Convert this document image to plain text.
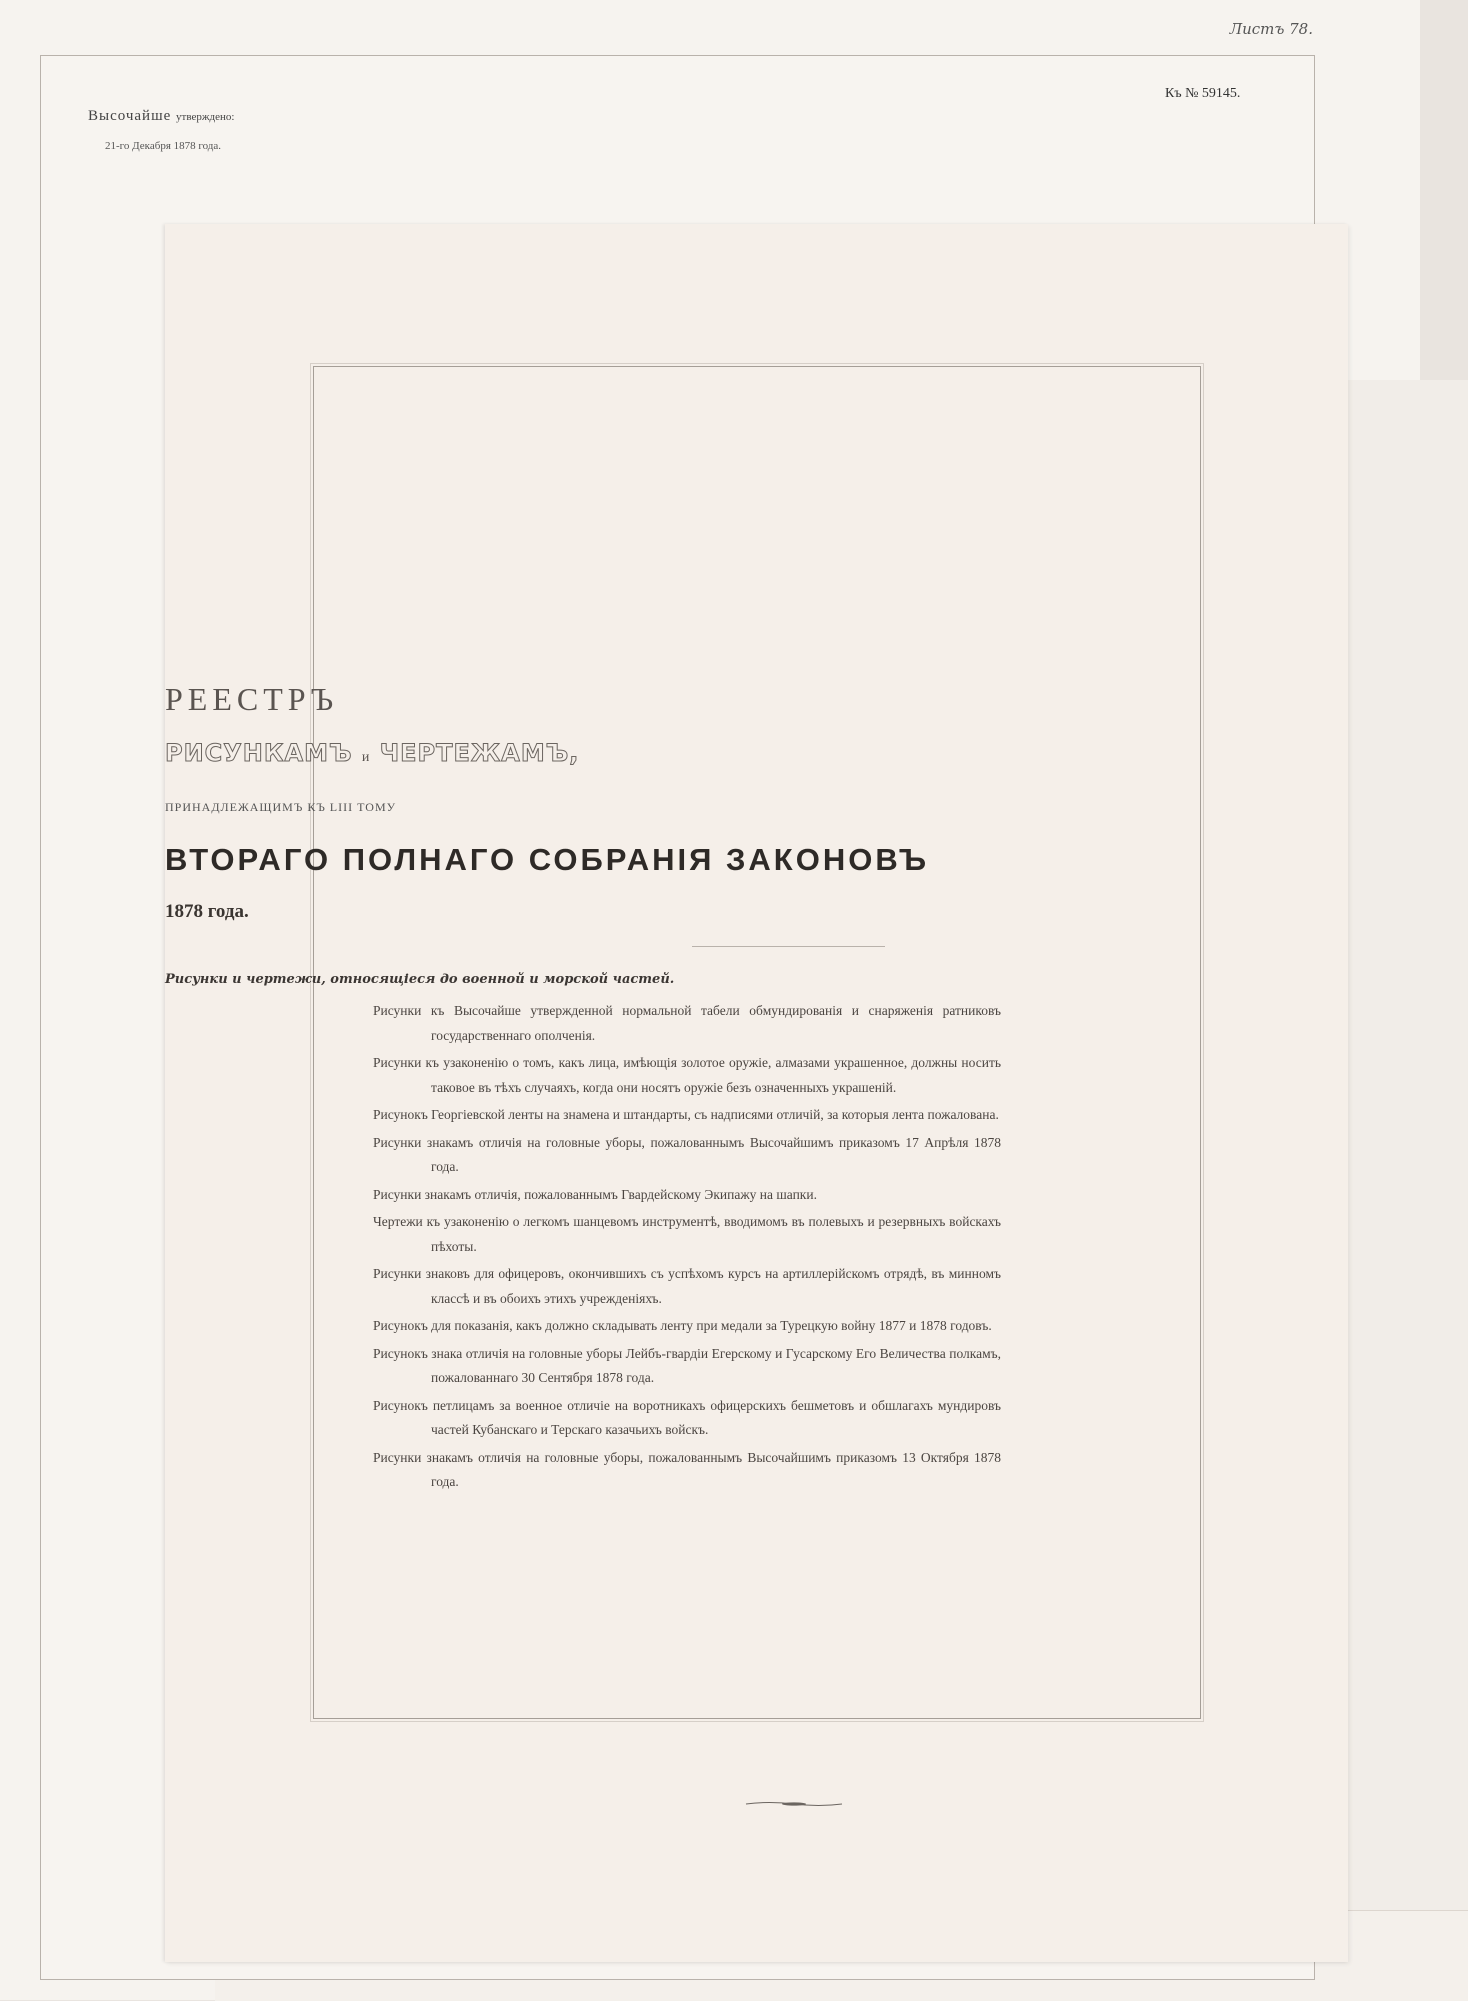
Листъ 78.
Къ № 59145.
Высочайше утверждено:
21-го Декабря 1878 года.
РЕЕСТРЪ
РИСУНКАМЪ и ЧЕРТЕЖАМЪ,
ПРИНАДЛЕЖАЩИМЪ КЪ LIII ТОМУ
ВТОРАГО ПОЛНАГО СОБРАНІЯ ЗАКОНОВЪ
1878 года.
Рисунки и чертежи, относящіеся до военной и морской частей.
Рисунки къ Высочайше утвержденной нормальной табели обмундированія и снаряженія ратниковъ государственнаго ополченія.
Рисунки къ узаконенію о томъ, какъ лица, имѣющія золотое оружіе, алмазами украшенное, должны носить таковое въ тѣхъ случаяхъ, когда они носятъ оружіе безъ означенныхъ украшеній.
Рисунокъ Георгіевской ленты на знамена и штандарты, съ надписями отличій, за которыя лента пожалована.
Рисунки знакамъ отличія на головные уборы, пожалованнымъ Высочайшимъ приказомъ 17 Апрѣля 1878 года.
Рисунки знакамъ отличія, пожалованнымъ Гвардейскому Экипажу на шапки.
Чертежи къ узаконенію о легкомъ шанцевомъ инструментѣ, вводимомъ въ полевыхъ и резервныхъ войскахъ пѣхоты.
Рисунки знаковъ для офицеровъ, окончившихъ съ успѣхомъ курсъ на артиллерійскомъ отрядѣ, въ минномъ классѣ и въ обоихъ этихъ учрежденіяхъ.
Рисунокъ для показанія, какъ должно складывать ленту при медали за Турецкую войну 1877 и 1878 годовъ.
Рисунокъ знака отличія на головные уборы Лейбъ-гвардіи Егерскому и Гусарскому Его Величества полкамъ, пожалованнаго 30 Сентября 1878 года.
Рисунокъ петлицамъ за военное отличіе на воротникахъ офицерскихъ бешметовъ и обшлагахъ мундировъ частей Кубанскаго и Терскаго казачьихъ войскъ.
Рисунки знакамъ отличія на головные уборы, пожалованнымъ Высочайшимъ приказомъ 13 Октября 1878 года.
